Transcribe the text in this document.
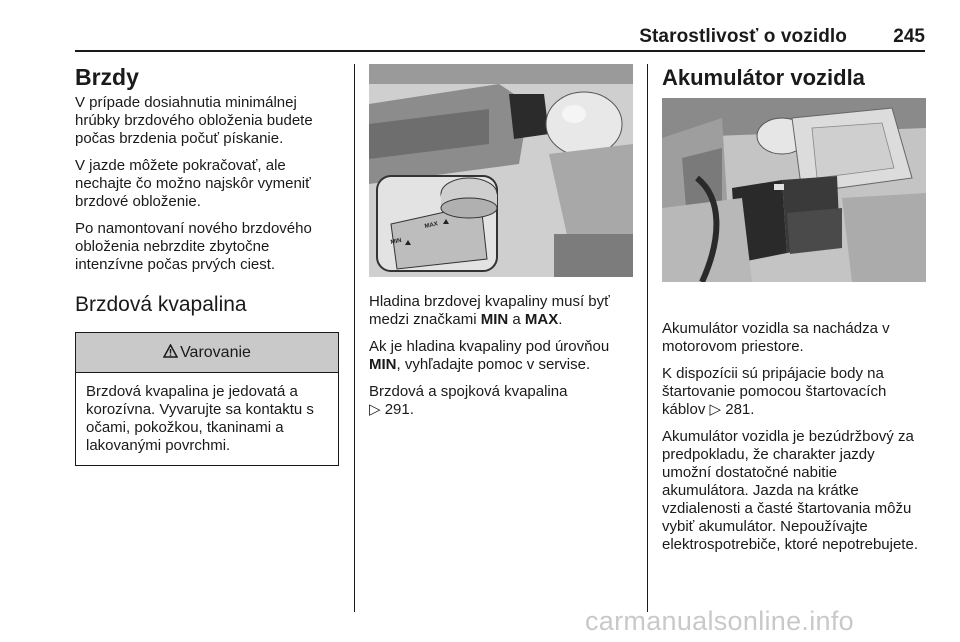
Starostlivosť o vozidlo 245
Brzdy

V prípade dosiahnutia minimálnej hrúbky brzdového obloženia budete počas brzdenia počuť pískanie.

V jazde môžete pokračovať, ale nechajte čo možno najskôr vymeniť brzdové obloženie.

Po namontovaní nového brzdového obloženia nebrzdite zbytočne intenzívne počas prvých ciest.

Brzdová kvapalina
Varovanie
Brzdová kvapalina je jedovatá a korozívna. Vyvarujte sa kontaktu s očami, pokožkou, tkaninami a lakovanými povrchmi.
MAX
MIN

Hladina brzdovej kvapaliny musí byť medzi značkami MIN a MAX.

Ak je hladina kvapaliny pod úrovňou MIN, vyhľadajte pomoc v servise.

Brzdová a spojková kvapalina
▷ 291.

Akumulátor vozidla

Akumulátor vozidla sa nachádza v motorovom priestore.

K dispozícii sú pripájacie body na štartovanie pomocou štartovacích káblov ▷ 281.

Akumulátor vozidla je bezúdržbový za predpokladu, že charakter jazdy umožní dostatočné nabitie akumulátora. Jazda na krátke vzdialenosti a časté štartovania môžu vybiť akumulátor. Nepoužívajte elektrospotrebiče, ktoré nepotrebujete.

carmanualsonline.info
